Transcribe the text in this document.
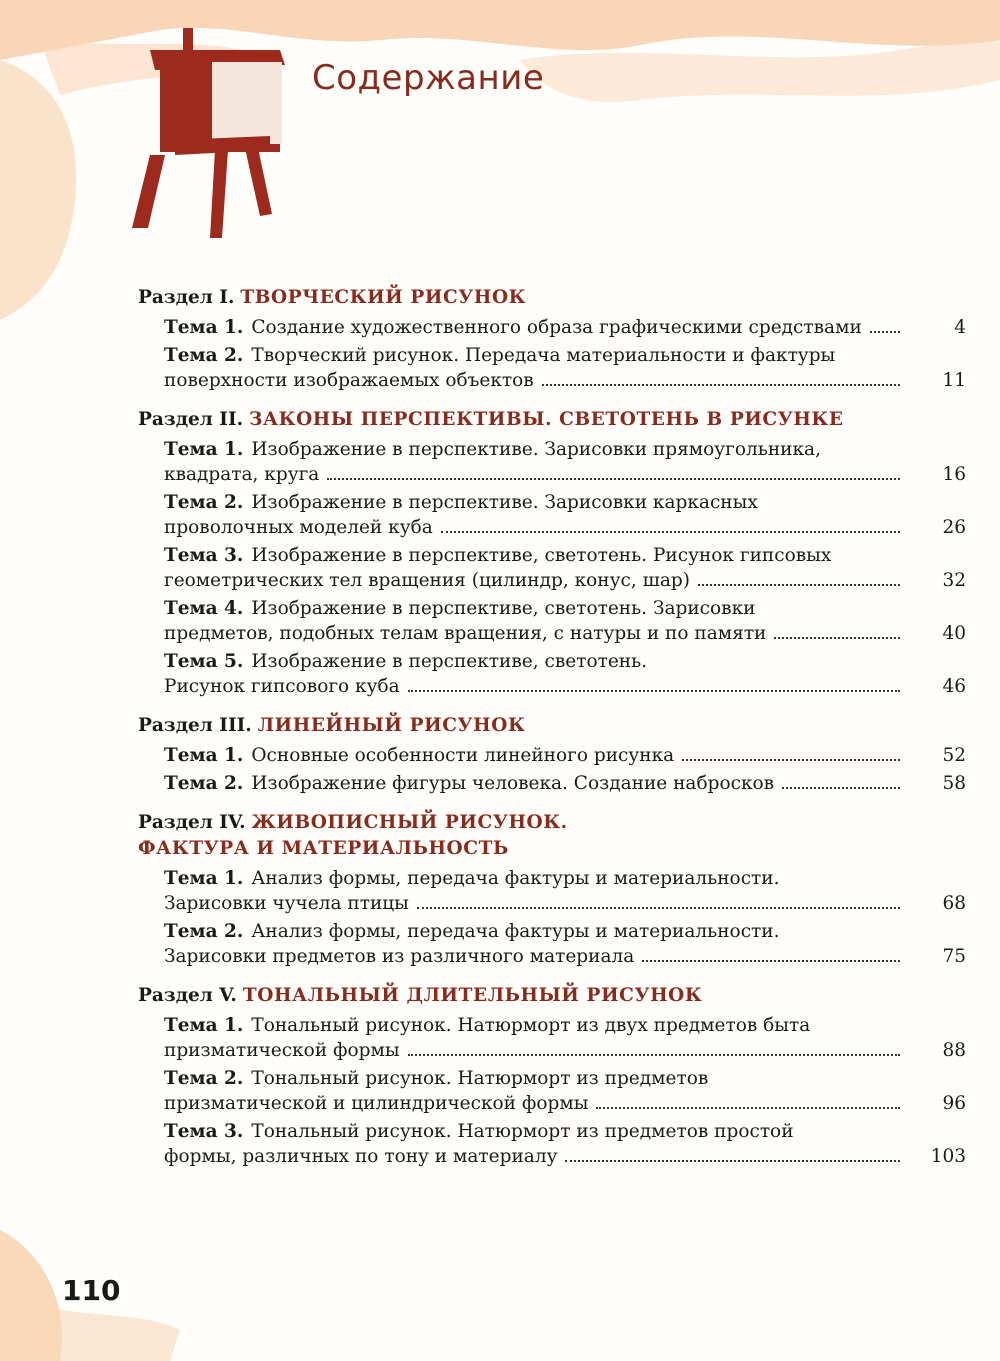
Содержание
Раздел I. ТВОРЧЕСКИЙ РИСУНОК
Тема 1. Создание художественного образа графическими средствами	4
Тема 2. Творческий рисунок. Передача материальности и фактуры
поверхности изображаемых объектов	11
Раздел II. ЗАКОНЫ ПЕРСПЕКТИВЫ. СВЕТОТЕНЬ В РИСУНКЕ
Тема 1. Изображение в перспективе. Зарисовки прямоугольника,
квадрата, круга	16
Тема 2. Изображение в перспективе. Зарисовки каркасных
проволочных моделей куба	26
Тема 3. Изображение в перспективе, светотень. Рисунок гипсовых
геометрических тел вращения (цилиндр, конус, шар)	32
Тема 4. Изображение в перспективе, светотень. Зарисовки
предметов, подобных телам вращения, с натуры и по памяти	40
Тема 5. Изображение в перспективе, светотень.
Рисунок гипсового куба	46
Раздел III. ЛИНЕЙНЫЙ РИСУНОК
Тема 1. Основные особенности линейного рисунка	52
Тема 2. Изображение фигуры человека. Создание набросков	58
Раздел IV. ЖИВОПИСНЫЙ РИСУНОК.
ФАКТУРА И МАТЕРИАЛЬНОСТЬ
Тема 1. Анализ формы, передача фактуры и материальности.
Зарисовки чучела птицы	68
Тема 2. Анализ формы, передача фактуры и материальности.
Зарисовки предметов из различного материала	75
Раздел V. ТОНАЛЬНЫЙ ДЛИТЕЛЬНЫЙ РИСУНОК
Тема 1. Тональный рисунок. Натюрморт из двух предметов быта
призматической формы	88
Тема 2. Тональный рисунок. Натюрморт из предметов
призматической и цилиндрической формы	96
Тема 3. Тональный рисунок. Натюрморт из предметов простой
формы, различных по тону и материалу	103
110
